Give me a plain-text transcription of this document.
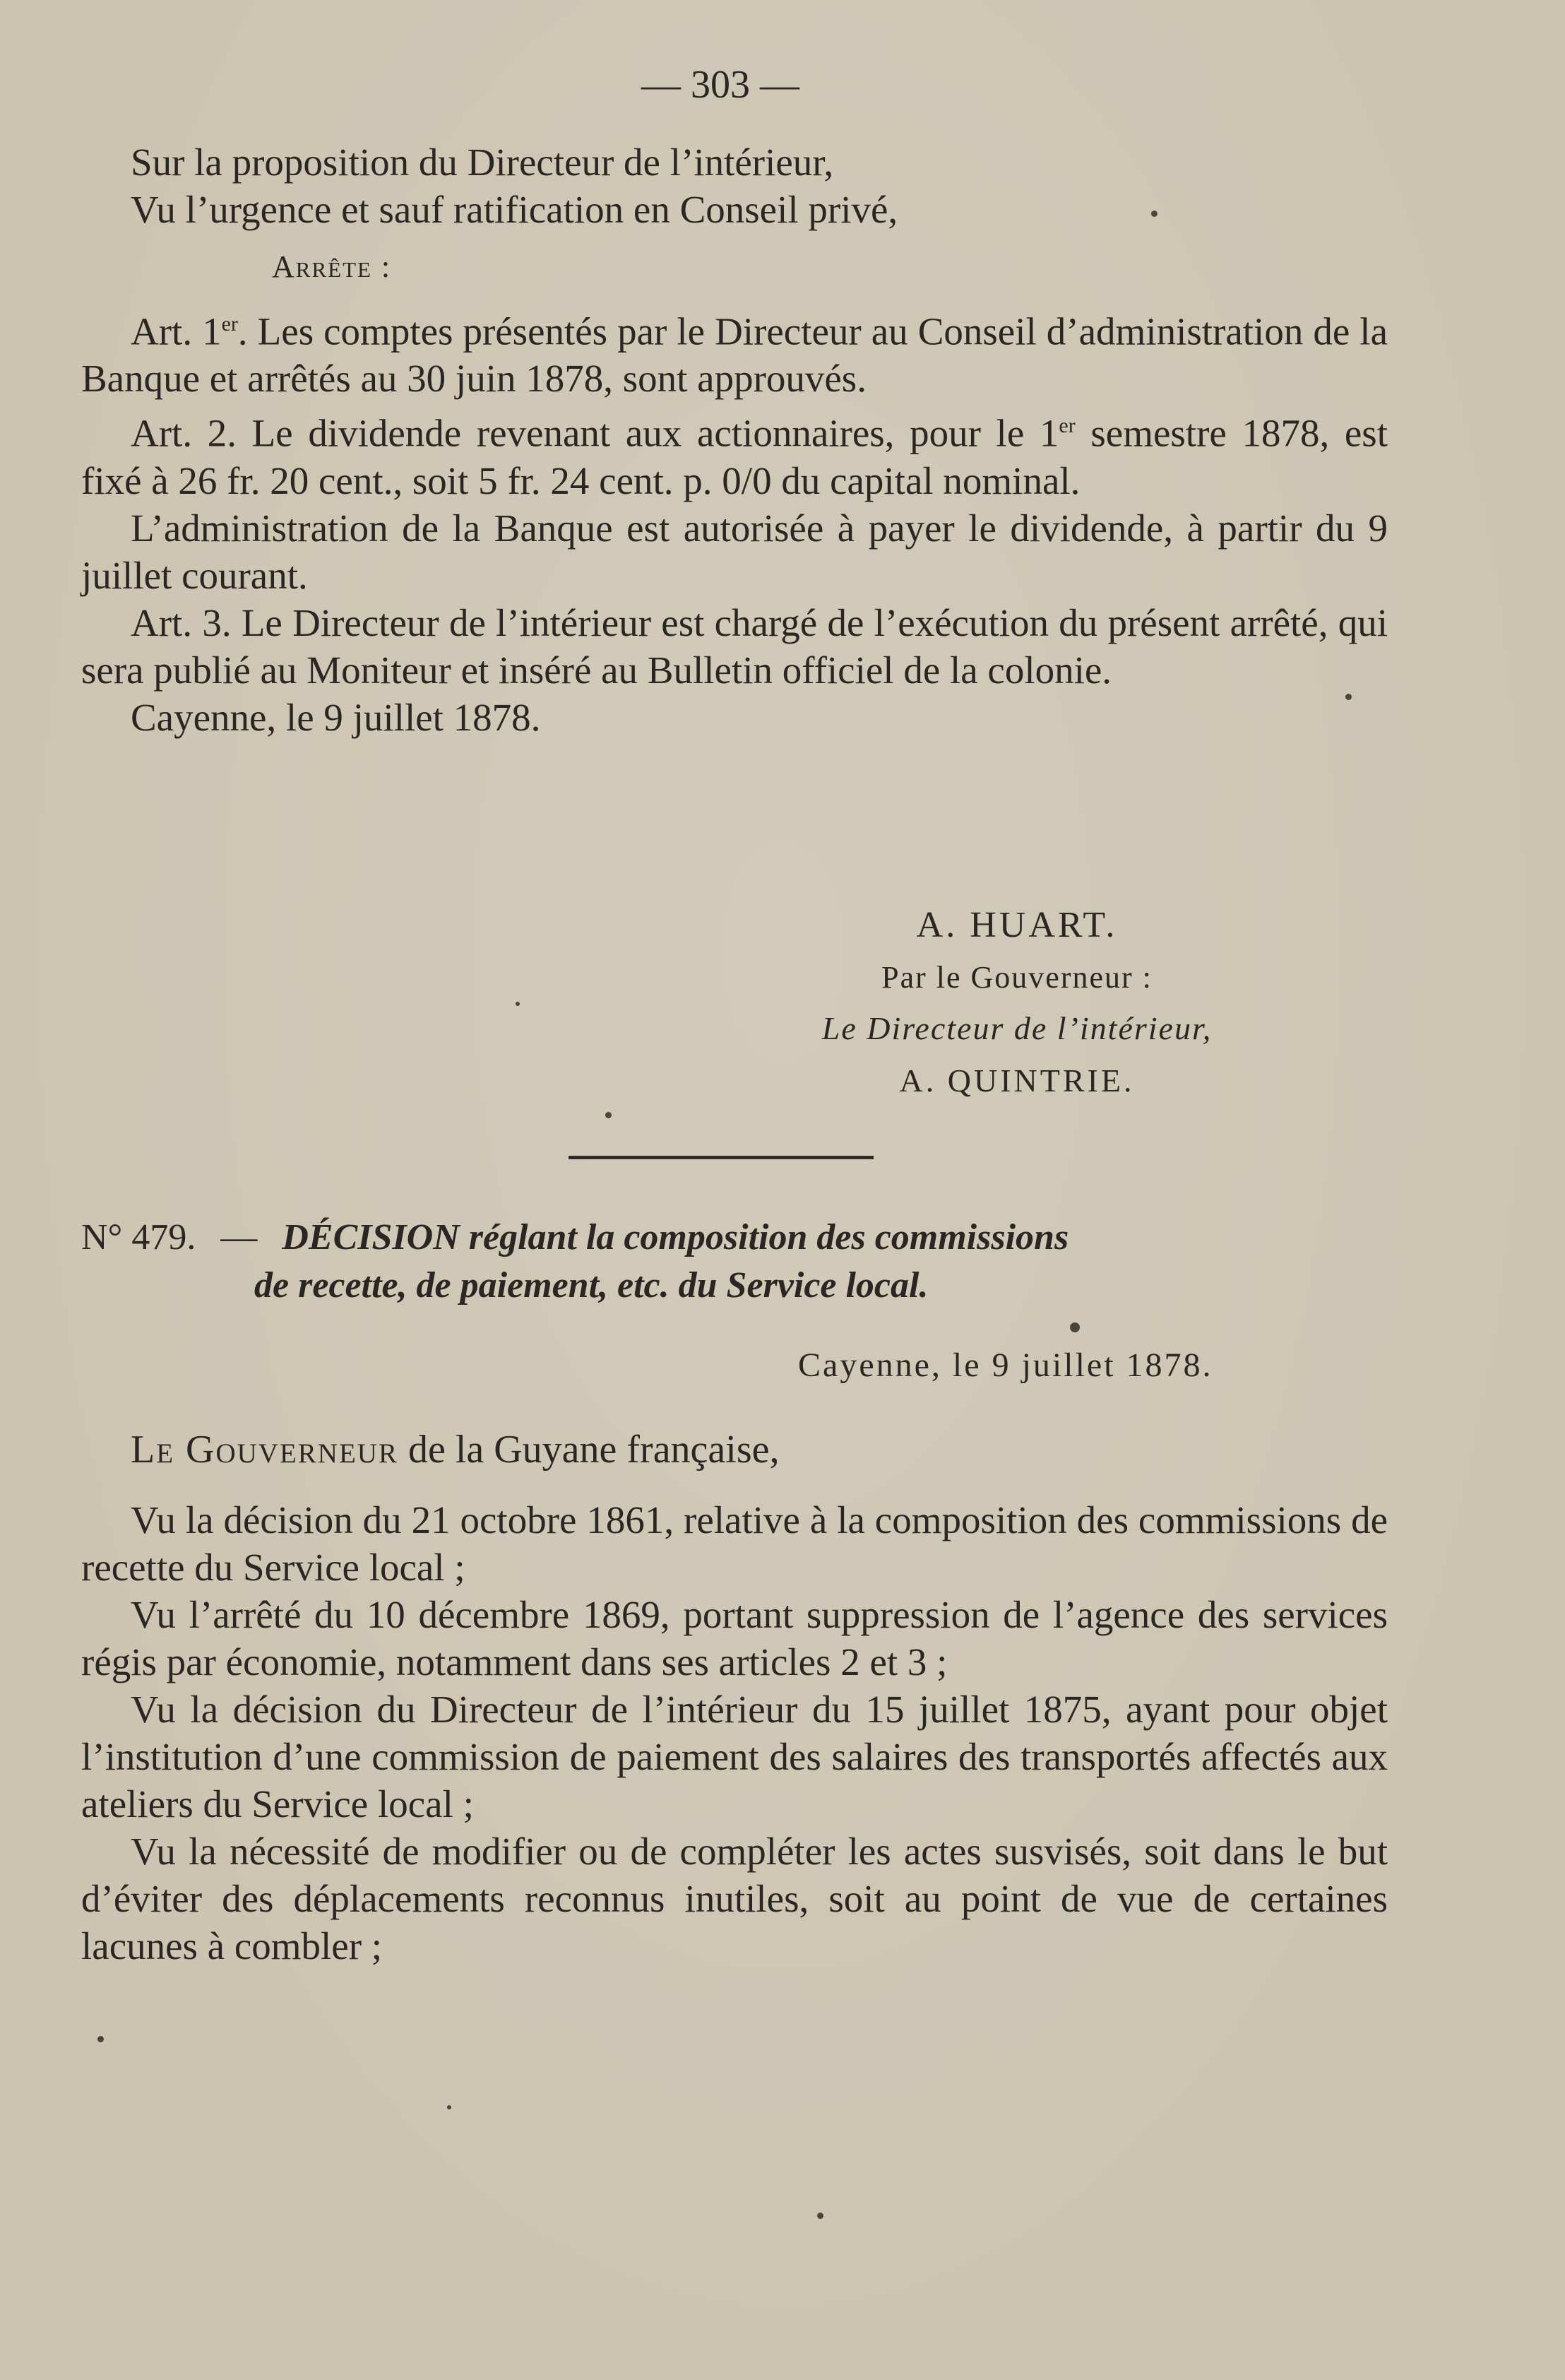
— 303 —

Sur la proposition du Directeur de l’intérieur,

Vu l’urgence et sauf ratification en Conseil privé,

Arrête :

Art. 1er. Les comptes présentés par le Directeur au Conseil d’administration de la Banque et arrêtés au 30 juin 1878, sont approuvés.

Art. 2. Le dividende revenant aux actionnaires, pour le 1er semestre 1878, est fixé à 26 fr. 20 cent., soit 5 fr. 24 cent. p. 0/0 du capital nominal.

L’administration de la Banque est autorisée à payer le dividende, à partir du 9 juillet courant.

Art. 3. Le Directeur de l’intérieur est chargé de l’exécution du présent arrêté, qui sera publié au Moniteur et inséré au Bulletin officiel de la colonie.

Cayenne, le 9 juillet 1878.

A. HUART.
Par le Gouverneur :
Le Directeur de l’intérieur,
A. QUINTRIE.
N° 479. — DÉCISION réglant la composition des commissions
de recette, de paiement, etc. du Service local.
Cayenne, le 9 juillet 1878.
Le Gouverneur de la Guyane française,

Vu la décision du 21 octobre 1861, relative à la composition des commissions de recette du Service local ;

Vu l’arrêté du 10 décembre 1869, portant suppression de l’agence des services régis par économie, notamment dans ses articles 2 et 3 ;

Vu la décision du Directeur de l’intérieur du 15 juillet 1875, ayant pour objet l’institution d’une commission de paiement des salaires des transportés affectés aux ateliers du Service local ;

Vu la nécessité de modifier ou de compléter les actes susvisés, soit dans le but d’éviter des déplacements reconnus inutiles, soit au point de vue de certaines lacunes à combler ;
